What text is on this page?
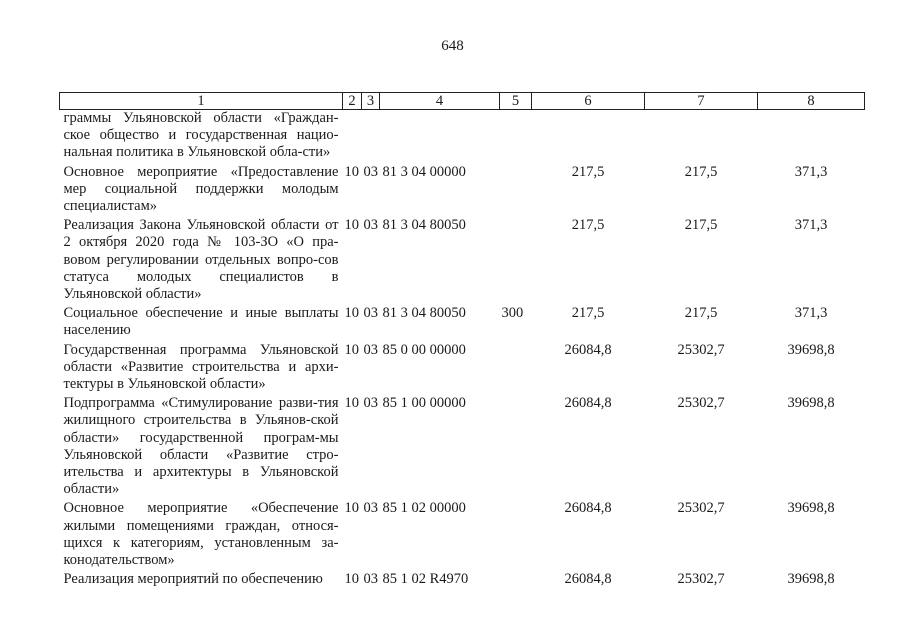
648
1	2	3	4	5	6	7	8
граммы Ульяновской области «Граждан-ское общество и государственная нацио-нальная политика в Ульяновской обла-сти»							
Основное мероприятие «Предоставление мер социальной поддержки молодым специалистам»	10	03	81 3 04 00000		217,5	217,5	371,3
Реализация Закона Ульяновской области от 2 октября 2020 года № 103-ЗО «О пра-вовом регулировании отдельных вопро-сов статуса молодых специалистов в Ульяновской области»	10	03	81 3 04 80050		217,5	217,5	371,3
Социальное обеспечение и иные выплаты населению	10	03	81 3 04 80050	300	217,5	217,5	371,3
Государственная программа Ульяновской области «Развитие строительства и архи-тектуры в Ульяновской области»	10	03	85 0 00 00000		26084,8	25302,7	39698,8
Подпрограмма «Стимулирование разви-тия жилищного строительства в Ульянов-ской области» государственной програм-мы Ульяновской области «Развитие стро-ительства и архитектуры в Ульяновской области»	10	03	85 1 00 00000		26084,8	25302,7	39698,8
Основное мероприятие «Обеспечение жилыми помещениями граждан, относя-щихся к категориям, установленным за-конодательством»	10	03	85 1 02 00000		26084,8	25302,7	39698,8
Реализация мероприятий по обеспечению	10	03	85 1 02 R4970		26084,8	25302,7	39698,8
